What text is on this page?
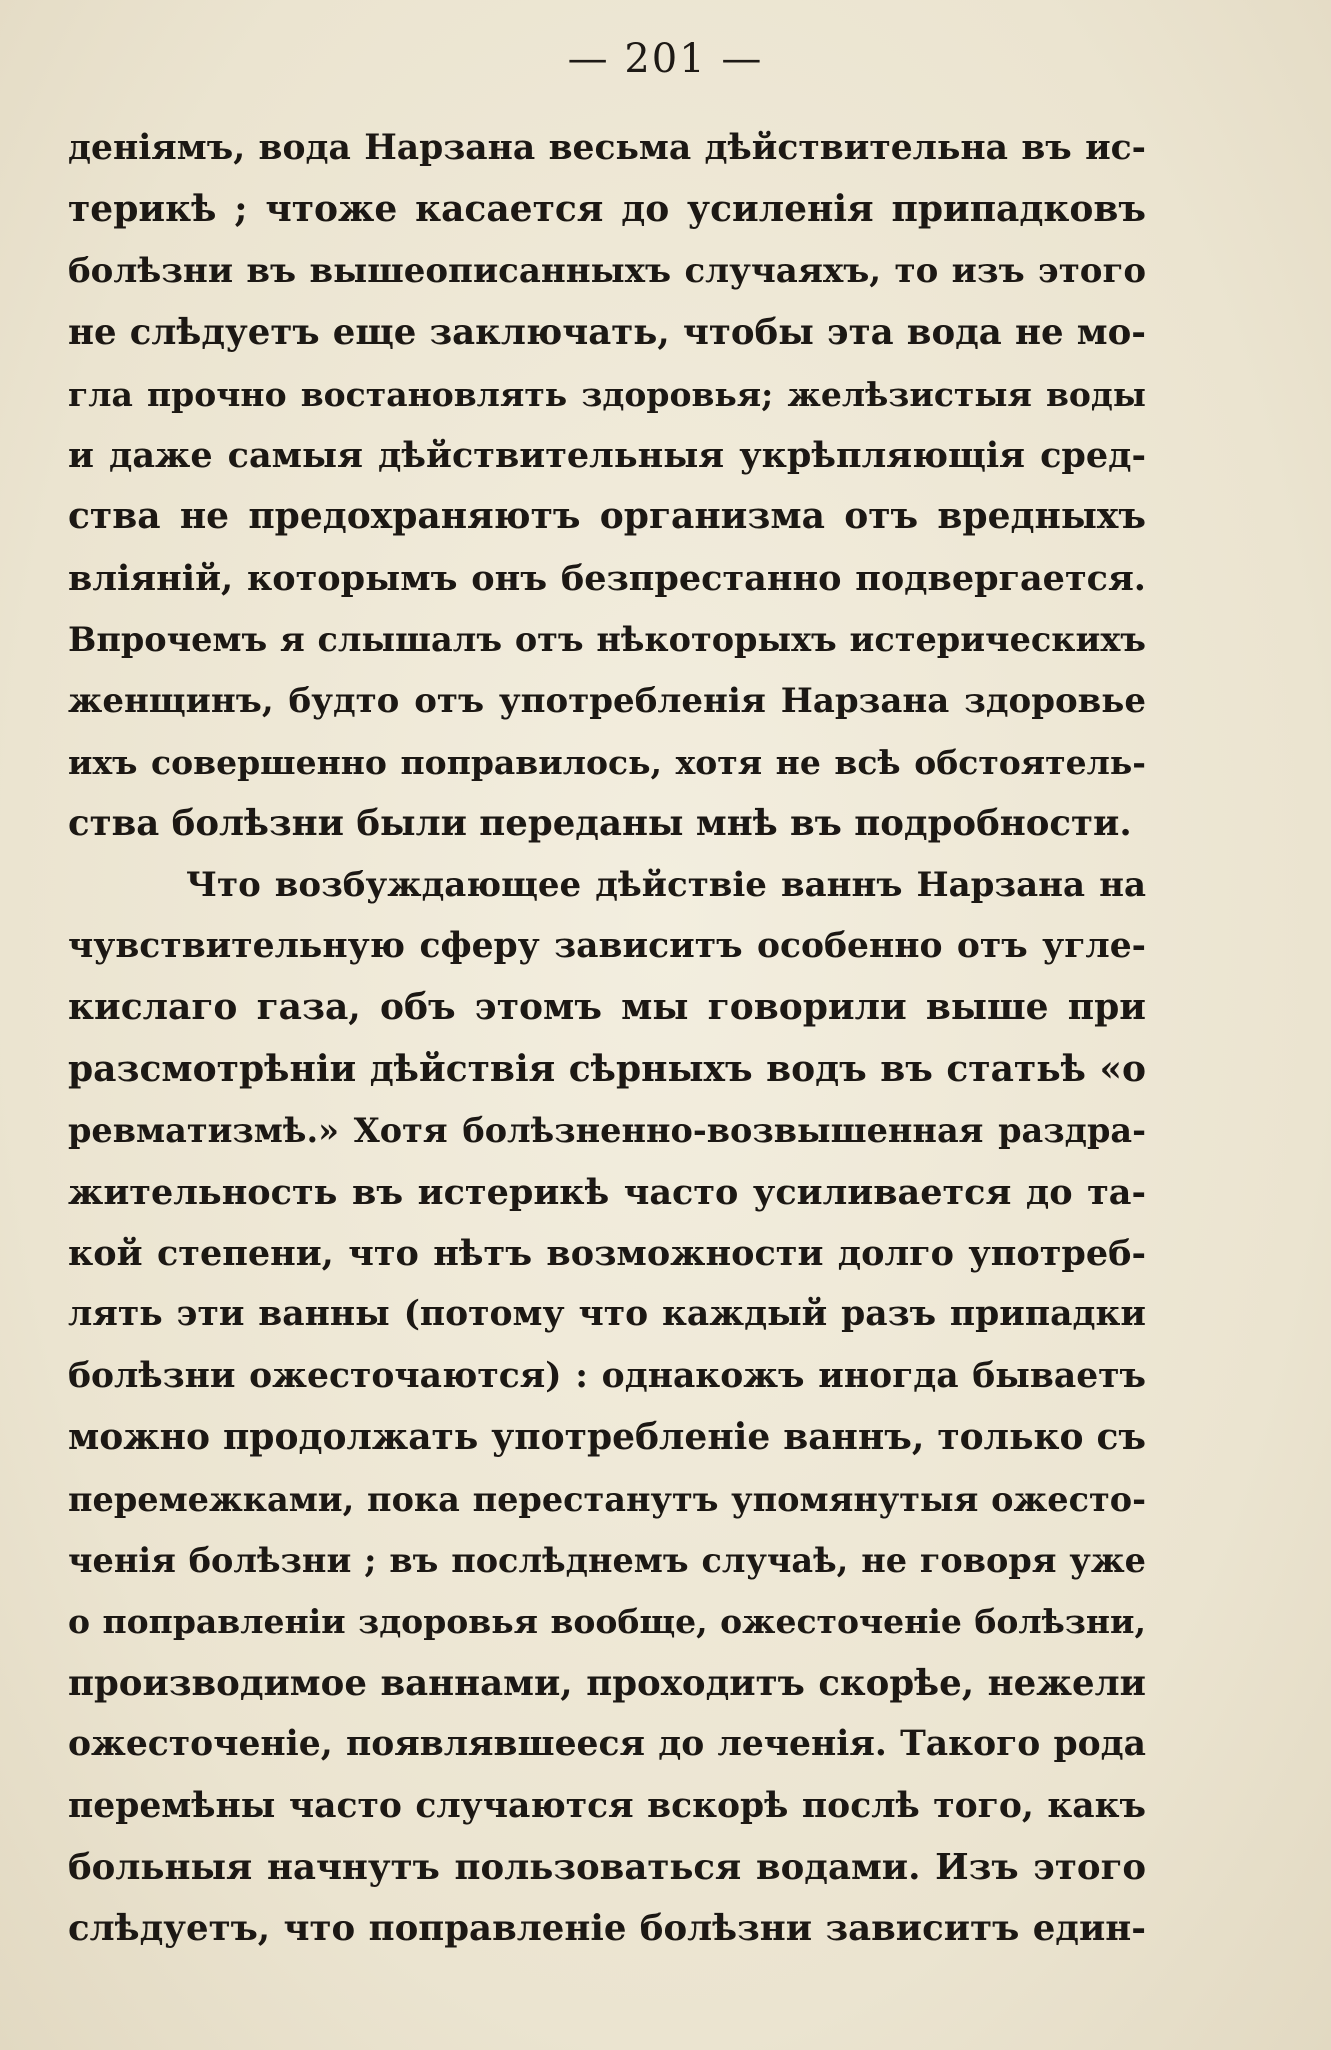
— 201 —
деніямъ, вода Нарзана весьма дѣйствительна въ ис-
терикѣ ; чтоже касается до усиленія припадковъ
болѣзни въ вышеописанныхъ случаяхъ, то изъ этого
не слѣдуетъ еще заключать, чтобы эта вода не мо-
гла прочно востановлять здоровья; желѣзистыя воды
и даже самыя дѣйствительныя укрѣпляющія сред-
ства не предохраняютъ организма отъ вредныхъ
вліяній, которымъ онъ безпрестанно подвергается.
Впрочемъ я слышалъ отъ нѣкоторыхъ истерическихъ
женщинъ, будто отъ употребленія Нарзана здоровье
ихъ совершенно поправилось, хотя не всѣ обстоятель-
ства болѣзни были переданы мнѣ въ подробности.
Что возбуждающее дѣйствіе ваннъ Нарзана на
чувствительную сферу зависитъ особенно отъ угле-
кислаго газа, объ этомъ мы говорили выше при
разсмотрѣніи дѣйствія сѣрныхъ водъ въ статьѣ «о
ревматизмѣ.» Хотя болѣзненно-возвышенная раздра-
жительность въ истерикѣ часто усиливается до та-
кой степени, что нѣтъ возможности долго употреб-
лять эти ванны (потому что каждый разъ припадки
болѣзни ожесточаются) : однакожъ иногда бываетъ
можно продолжать употребленіе ваннъ, только съ
перемежками, пока перестанутъ упомянутыя ожесто-
ченія болѣзни ; въ послѣднемъ случаѣ, не говоря уже
о поправленіи здоровья вообще, ожесточеніе болѣзни,
производимое ваннами, проходитъ скорѣе, нежели
ожесточеніе, появлявшееся до леченія. Такого рода
перемѣны часто случаются вскорѣ послѣ того, какъ
больныя начнутъ пользоваться водами. Изъ этого
слѣдуетъ, что поправленіе болѣзни зависитъ един-
